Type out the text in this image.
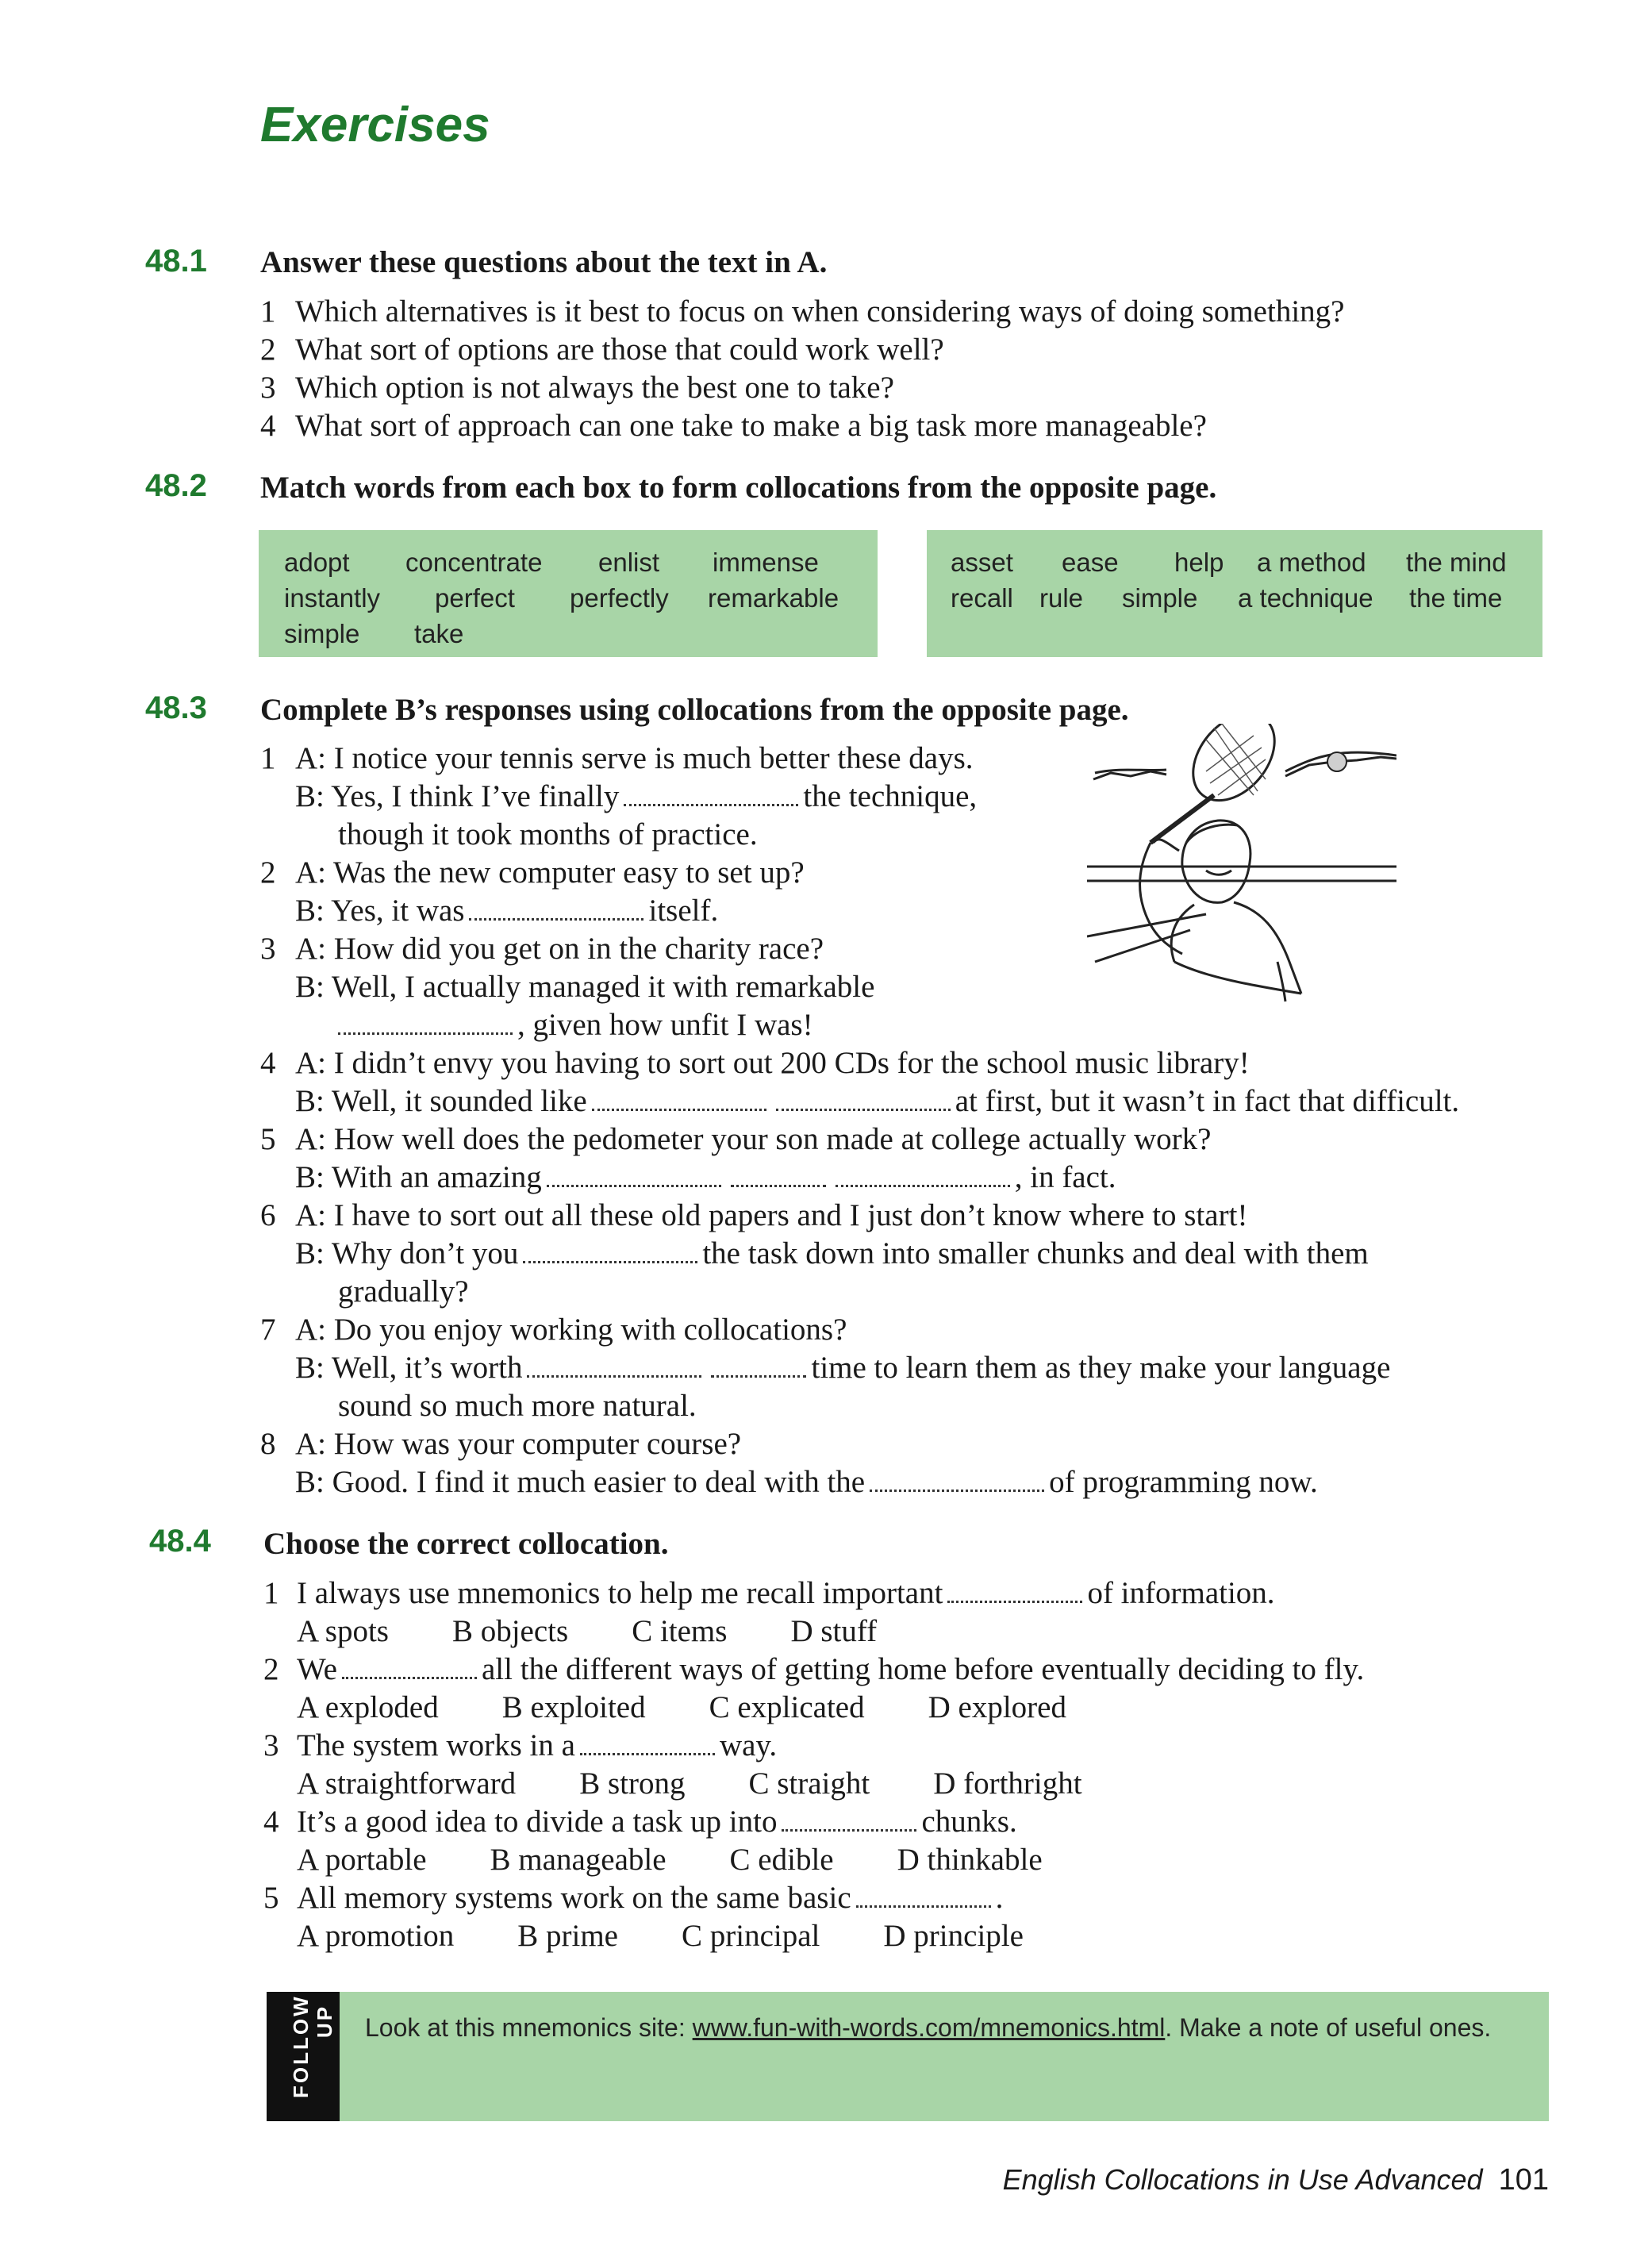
Exercises
48.1 Answer these questions about the text in A.
1 Which alternatives is it best to focus on when considering ways of doing something?
2 What sort of options are those that could work well?
3 Which option is not always the best one to take?
4 What sort of approach can one take to make a big task more manageable?
48.2 Match words from each box to form collocations from the opposite page.
adopt concentrate enlist immense
instantly perfect perfectly remarkable
simple take
asset ease help a method the mind
recall rule simple a technique the time
48.3 Complete B’s responses using collocations from the opposite page.
1 A: I notice your tennis serve is much better these days.
B: Yes, I think I’ve finally	the technique,
though it took months of practice.
2 A: Was the new computer easy to set up?
B: Yes, it was	itself.
3 A: How did you get on in the charity race?
B: Well, I actually managed it with remarkable
, given how unfit I was!
4 A: I didn’t envy you having to sort out 200 CDs for the school music library!
B: Well, it sounded like	at first, but it wasn’t in fact that difficult.
5 A: How well does the pedometer your son made at college actually work?
B: With an amazing	, in fact.
6 A: I have to sort out all these old papers and I just don’t know where to start!
B: Why don’t you	the task down into smaller chunks and deal with them
gradually?
7 A: Do you enjoy working with collocations?
B: Well, it’s worth	time to learn them as they make your language
sound so much more natural.
8 A: How was your computer course?
B: Good. I find it much easier to deal with the	of programming now.
48.4 Choose the correct collocation.
1 I always use mnemonics to help me recall important	of information.
A spots B objects C items D stuff
2 We	all the different ways of getting home before eventually deciding to fly.
A exploded B exploited C explicated D explored
3 The system works in a	way.
A straightforward B strong C straight D forthright
4 It’s a good idea to divide a task up into	chunks.
A portable B manageable C edible D thinkable
5 All memory systems work on the same basic	.
A promotion B prime C principal D principle
FOLLOW UP Look at this mnemonics site: www.fun-with-words.com/mnemonics.html. Make a note of useful ones.
English Collocations in Use Advanced 101
